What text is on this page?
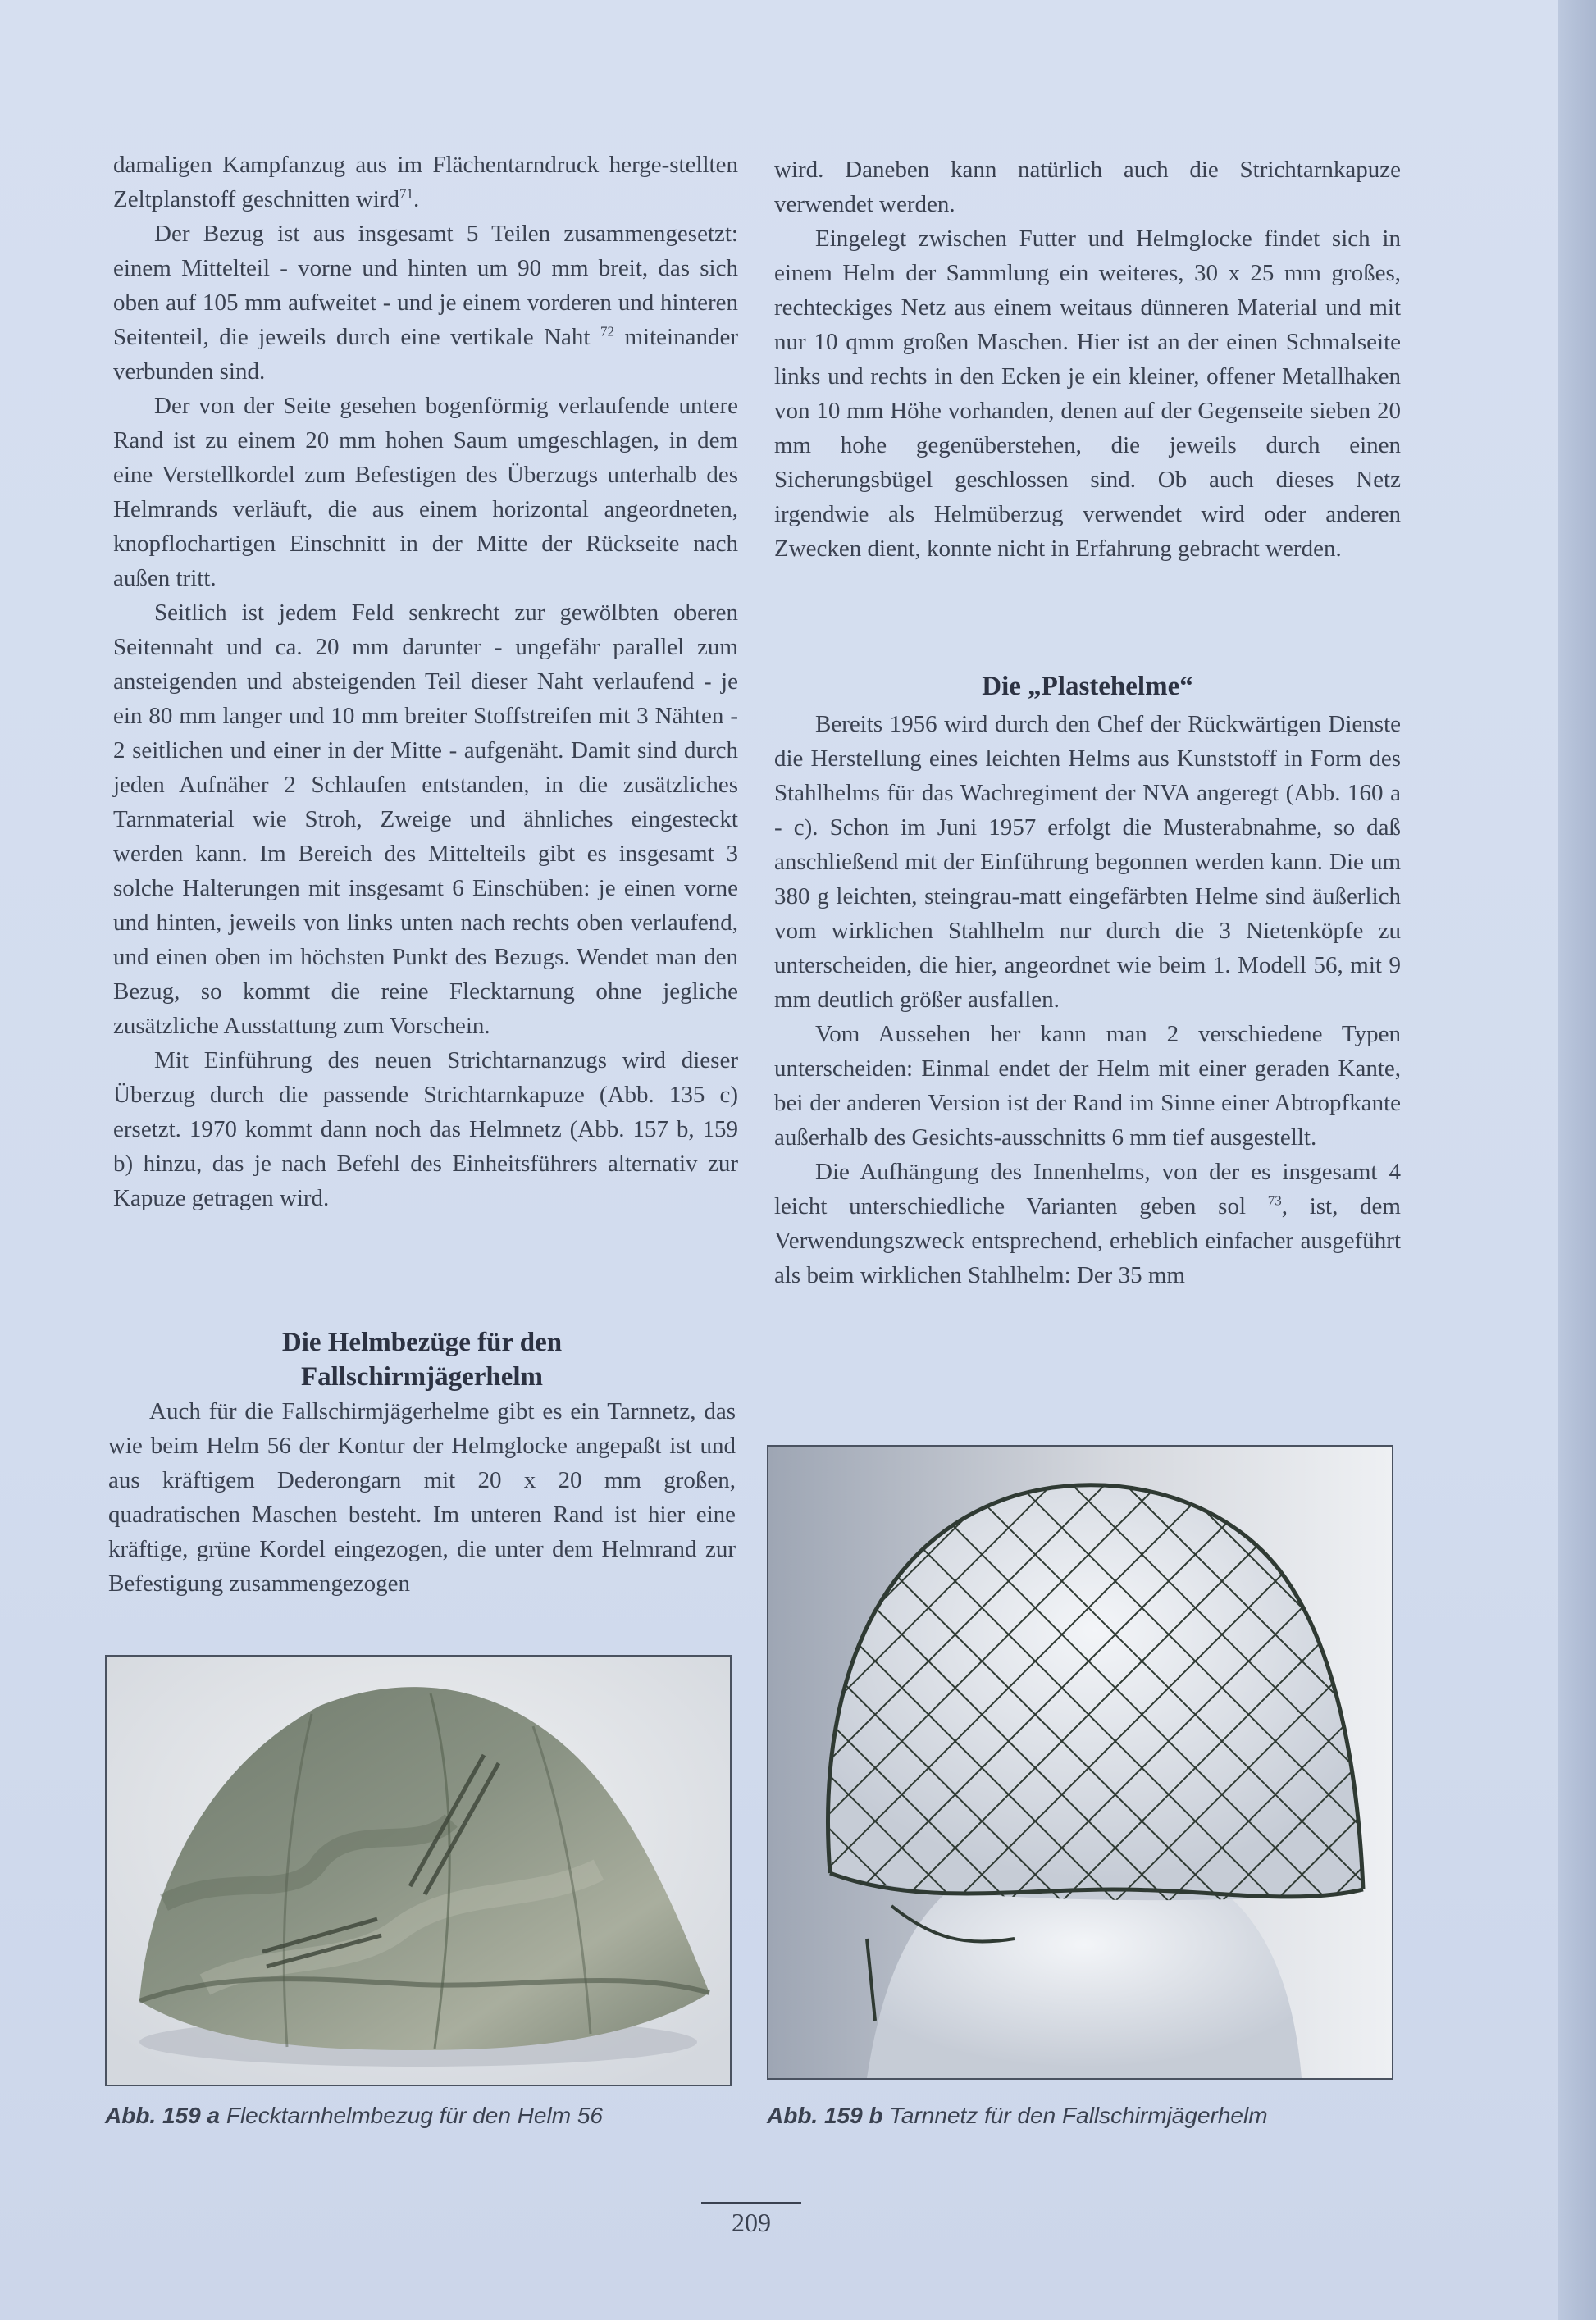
damaligen Kampfanzug aus im Flächentarndruck herge-stellten Zeltplanstoff geschnitten wird$^{71}$.

Der Bezug ist aus insgesamt 5 Teilen zusammengesetzt: einem Mittelteil - vorne und hinten um 90 mm breit, das sich oben auf 105 mm aufweitet - und je einem vorderen und hinteren Seitenteil, die jeweils durch eine vertikale Naht $^{72}$ miteinander verbunden sind.

Der von der Seite gesehen bogenförmig verlaufende untere Rand ist zu einem 20 mm hohen Saum umgeschlagen, in dem eine Verstellkordel zum Befestigen des Überzugs unterhalb des Helmrands verläuft, die aus einem horizontal angeordneten, knopflochartigen Einschnitt in der Mitte der Rückseite nach außen tritt.

Seitlich ist jedem Feld senkrecht zur gewölbten oberen Seitennaht und ca. 20 mm darunter - ungefähr parallel zum ansteigenden und absteigenden Teil dieser Naht verlaufend - je ein 80 mm langer und 10 mm breiter Stoffstreifen mit 3 Nähten - 2 seitlichen und einer in der Mitte - aufgenäht. Damit sind durch jeden Aufnäher 2 Schlaufen entstanden, in die zusätzliches Tarnmaterial wie Stroh, Zweige und ähnliches eingesteckt werden kann. Im Bereich des Mittelteils gibt es insgesamt 3 solche Halterungen mit insgesamt 6 Einschüben: je einen vorne und hinten, jeweils von links unten nach rechts oben verlaufend, und einen oben im höchsten Punkt des Bezugs. Wendet man den Bezug, so kommt die reine Flecktarnung ohne jegliche zusätzliche Ausstattung zum Vorschein.

Mit Einführung des neuen Strichtarnanzugs wird dieser Überzug durch die passende Strichtarnkapuze (Abb. 135 c) ersetzt. 1970 kommt dann noch das Helmnetz (Abb. 157 b, 159 b) hinzu, das je nach Befehl des Einheitsführers alternativ zur Kapuze getragen wird.

Die Helmbezüge für den
Fallschirmjägerhelm

Auch für die Fallschirmjägerhelme gibt es ein Tarnnetz, das wie beim Helm 56 der Kontur der Helmglocke angepaßt ist und aus kräftigem Dederongarn mit 20 x 20 mm großen, quadratischen Maschen besteht. Im unteren Rand ist hier eine kräftige, grüne Kordel eingezogen, die unter dem Helmrand zur Befestigung zusammengezogen

wird. Daneben kann natürlich auch die Strichtarnkapuze verwendet werden.

Eingelegt zwischen Futter und Helmglocke findet sich in einem Helm der Sammlung ein weiteres, 30 x 25 mm großes, rechteckiges Netz aus einem weitaus dünneren Material und mit nur 10 qmm großen Maschen. Hier ist an der einen Schmalseite links und rechts in den Ecken je ein kleiner, offener Metallhaken von 10 mm Höhe vorhanden, denen auf der Gegenseite sieben 20 mm hohe gegenüberstehen, die jeweils durch einen Sicherungsbügel geschlossen sind. Ob auch dieses Netz irgendwie als Helmüberzug verwendet wird oder anderen Zwecken dient, konnte nicht in Erfahrung gebracht werden.

Die „Plastehelme“

Bereits 1956 wird durch den Chef der Rückwärtigen Dienste die Herstellung eines leichten Helms aus Kunststoff in Form des Stahlhelms für das Wachregiment der NVA angeregt (Abb. 160 a - c). Schon im Juni 1957 erfolgt die Musterabnahme, so daß anschließend mit der Einführung begonnen werden kann. Die um 380 g leichten, steingrau-matt eingefärbten Helme sind äußerlich vom wirklichen Stahlhelm nur durch die 3 Nietenköpfe zu unterscheiden, die hier, angeordnet wie beim 1. Modell 56, mit 9 mm deutlich größer ausfallen.

Vom Aussehen her kann man 2 verschiedene Typen unterscheiden: Einmal endet der Helm mit einer geraden Kante, bei der anderen Version ist der Rand im Sinne einer Abtropfkante außerhalb des Gesichts-ausschnitts 6 mm tief ausgestellt.

Die Aufhängung des Innenhelms, von der es insgesamt 4 leicht unterschiedliche Varianten geben sol $^{73}$, ist, dem Verwendungszweck entsprechend, erheblich einfacher ausgeführt als beim wirklichen Stahlhelm: Der 35 mm

Abb. 159 a Flecktarnhelmbezug für den Helm 56	Abb. 159 b Tarnnetz für den Fallschirmjägerhelm
209
